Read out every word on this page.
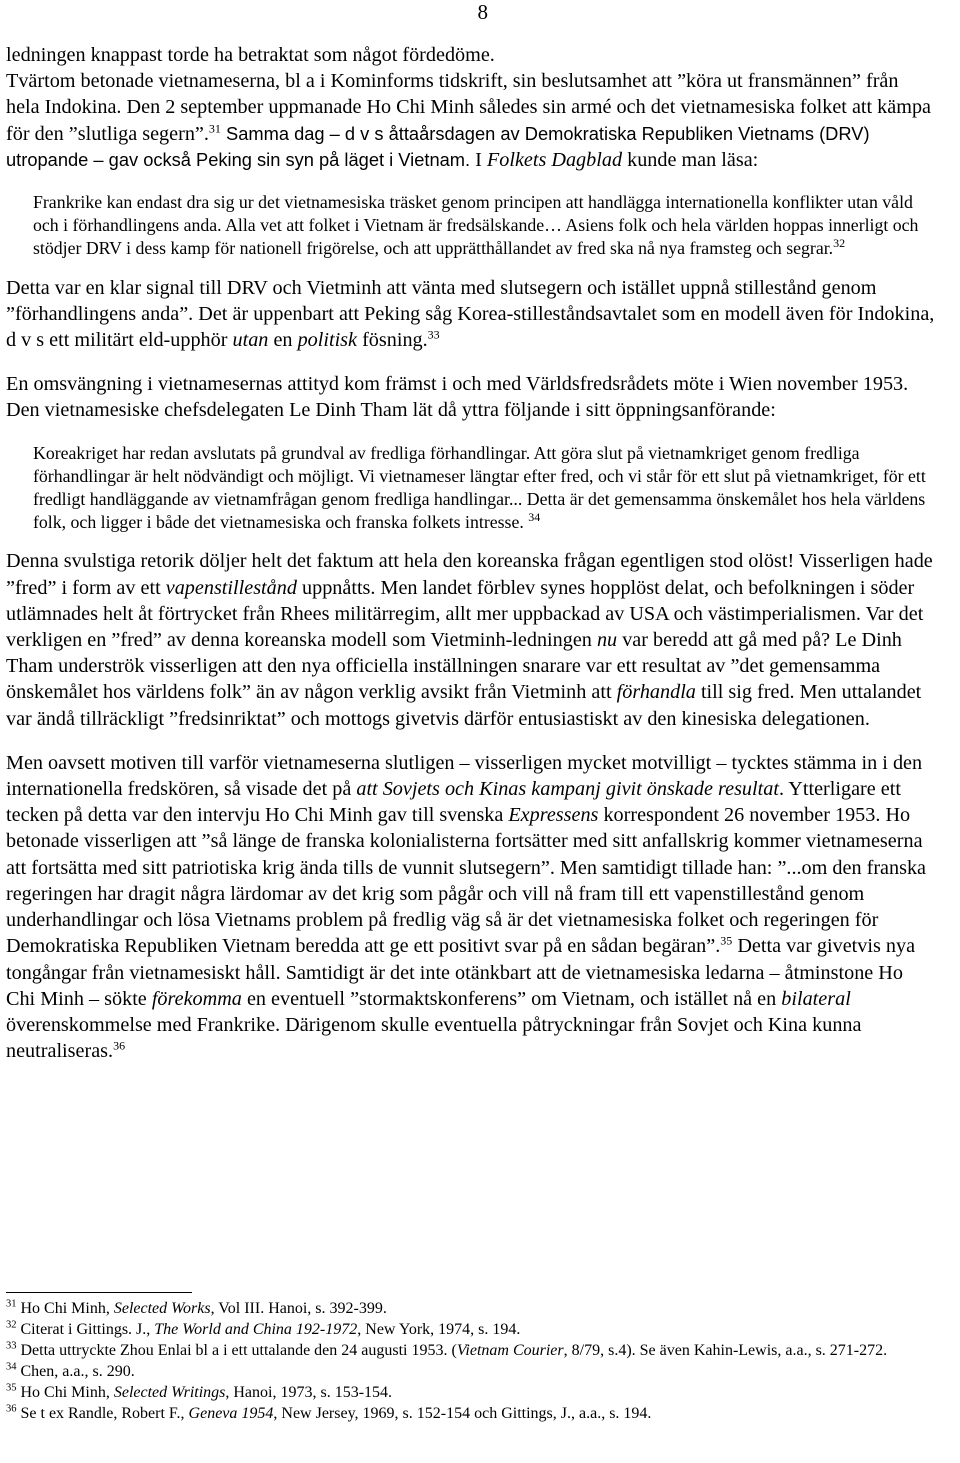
8

ledningen knappast torde ha betraktat som något fördedöme.

Tvärtom betonade vietnameserna, bl a i Kominforms tidskrift, sin beslutsamhet att ”köra ut fransmännen” från hela Indokina. Den 2 september uppmanade Ho Chi Minh således sin armé och det vietnamesiska folket att kämpa för den ”slutliga segern”.$^{31}$ Samma dag – d v s åttaårsdagen av Demokratiska Republiken Vietnams (DRV) utropande – gav också Peking sin syn på läget i Vietnam. I Folkets Dagblad kunde man läsa:

Frankrike kan endast dra sig ur det vietnamesiska träsket genom principen att handlägga internationella konflikter utan våld och i förhandlingens anda. Alla vet att folket i Vietnam är fredsälskande… Asiens folk och hela världen hoppas innerligt och stödjer DRV i dess kamp för nationell frigörelse, och att upprätthållandet av fred ska nå nya framsteg och segrar.$^{32}$

Detta var en klar signal till DRV och Vietminh att vänta med slutsegern och istället uppnå stillestånd genom ”förhandlingens anda”. Det är uppenbart att Peking såg Korea-stilleståndsavtalet som en modell även för Indokina, d v s ett militärt eld-upphör utan en politisk fösning.$^{33}$

En omsvängning i vietnamesernas attityd kom främst i och med Världsfredsrådets möte i Wien november 1953. Den vietnamesiske chefsdelegaten Le Dinh Tham lät då yttra följande i sitt öppningsanförande:

Koreakriget har redan avslutats på grundval av fredliga förhandlingar. Att göra slut på vietnamkriget genom fredliga förhandlingar är helt nödvändigt och möjligt. Vi vietnameser längtar efter fred, och vi står för ett slut på vietnamkriget, för ett fredligt handläggande av vietnamfrågan genom fredliga handlingar... Detta är det gemensamma önskemålet hos hela världens folk, och ligger i både det vietnamesiska och franska folkets intresse. $^{34}$

Denna svulstiga retorik döljer helt det faktum att hela den koreanska frågan egentligen stod olöst! Visserligen hade ”fred” i form av ett vapenstillestånd uppnåtts. Men landet förblev synes hopplöst delat, och befolkningen i söder utlämnades helt åt förtrycket från Rhees militärregim, allt mer uppbackad av USA och västimperialismen. Var det verkligen en ”fred” av denna koreanska modell som Vietminh-ledningen nu var beredd att gå med på? Le Dinh Tham underströk visserligen att den nya officiella inställningen snarare var ett resultat av ”det gemensamma önskemålet hos världens folk” än av någon verklig avsikt från Vietminh att förhandla till sig fred. Men uttalandet var ändå tillräckligt ”fredsinriktat” och mottogs givetvis därför entusiastiskt av den kinesiska delegationen.

Men oavsett motiven till varför vietnameserna slutligen – visserligen mycket motvilligt – tycktes stämma in i den internationella fredskören, så visade det på att Sovjets och Kinas kampanj givit önskade resultat. Ytterligare ett tecken på detta var den intervju Ho Chi Minh gav till svenska Expressens korrespondent 26 november 1953. Ho betonade visserligen att ”så länge de franska kolonialisterna fortsätter med sitt anfallskrig kommer vietnameserna att fortsätta med sitt patriotiska krig ända tills de vunnit slutsegern”. Men samtidigt tillade han: ”...om den franska regeringen har dragit några lärdomar av det krig som pågår och vill nå fram till ett vapenstillestånd genom underhandlingar och lösa Vietnams problem på fredlig väg så är det vietnamesiska folket och regeringen för Demokratiska Republiken Vietnam beredda att ge ett positivt svar på en sådan begäran”.$^{35}$ Detta var givetvis nya tongångar från vietnamesiskt håll. Samtidigt är det inte otänkbart att de vietnamesiska ledarna – åtminstone Ho Chi Minh – sökte förekomma en eventuell ”stormaktskonferens” om Vietnam, och istället nå en bilateral överenskommelse med Frankrike. Därigenom skulle eventuella påtryckningar från Sovjet och Kina kunna neutraliseras.$^{36}$

$^{31}$ Ho Chi Minh, Selected Works, Vol III. Hanoi, s. 392-399.

$^{32}$ Citerat i Gittings. J., The World and China 192-1972, New York, 1974, s. 194.

$^{33}$ Detta uttryckte Zhou Enlai bl a i ett uttalande den 24 augusti 1953. (Vietnam Courier, 8/79, s.4). Se även Kahin-Lewis, a.a., s. 271-272.

$^{34}$ Chen, a.a., s. 290.

$^{35}$ Ho Chi Minh, Selected Writings, Hanoi, 1973, s. 153-154.

$^{36}$ Se t ex Randle, Robert F., Geneva 1954, New Jersey, 1969, s. 152-154 och Gittings, J., a.a., s. 194.
